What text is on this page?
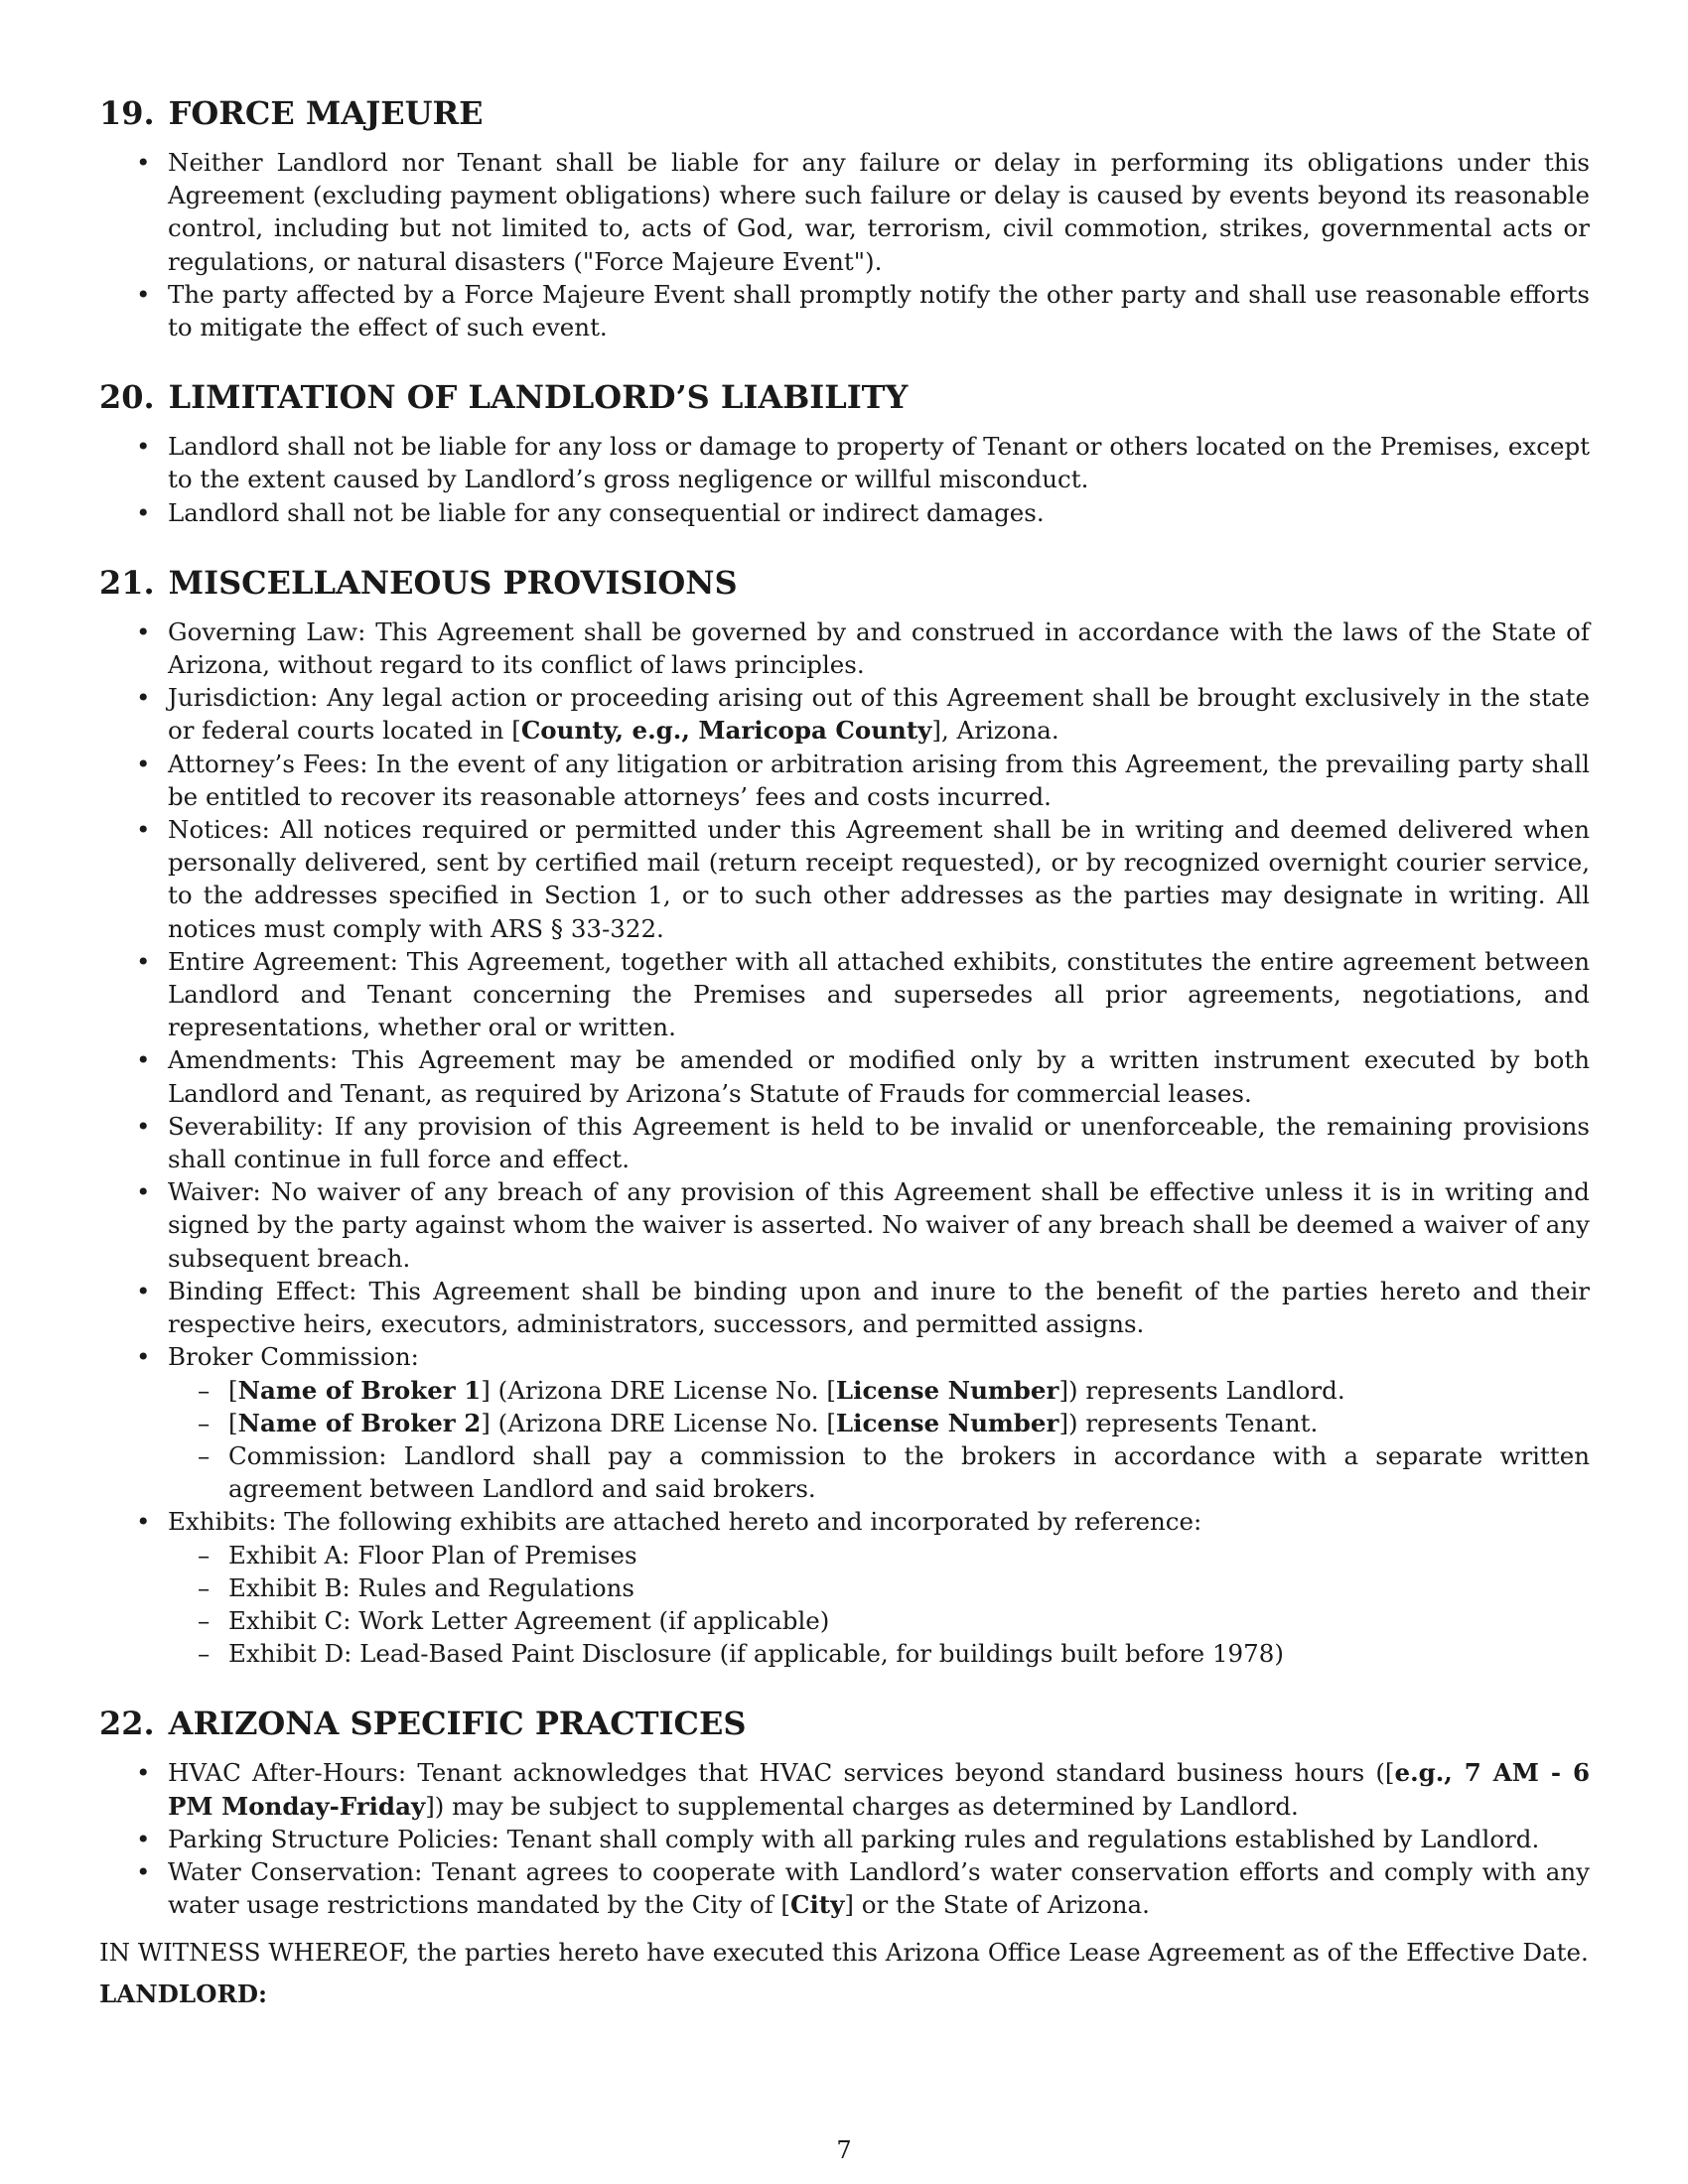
19. FORCE MAJEURE
• Neither Landlord nor Tenant shall be liable for any failure or delay in performing its obligations under this Agreement (excluding payment obligations) where such failure or delay is caused by events beyond its reasonable control, including but not limited to, acts of God, war, terrorism, civil commotion, strikes, governmental acts or regulations, or natural disasters ("Force Majeure Event").
• The party affected by a Force Majeure Event shall promptly notify the other party and shall use reasonable efforts to mitigate the effect of such event.
20. LIMITATION OF LANDLORD’S LIABILITY
• Landlord shall not be liable for any loss or damage to property of Tenant or others located on the Premises, except to the extent caused by Landlord’s gross negligence or willful misconduct.
• Landlord shall not be liable for any consequential or indirect damages.
21. MISCELLANEOUS PROVISIONS
• Governing Law: This Agreement shall be governed by and construed in accordance with the laws of the State of Arizona, without regard to its conflict of laws principles.
• Jurisdiction: Any legal action or proceeding arising out of this Agreement shall be brought exclusively in the state or federal courts located in [County, e.g., Maricopa County], Arizona.
• Attorney’s Fees: In the event of any litigation or arbitration arising from this Agreement, the prevailing party shall be entitled to recover its reasonable attorneys’ fees and costs incurred.
• Notices: All notices required or permitted under this Agreement shall be in writing and deemed delivered when personally delivered, sent by certified mail (return receipt requested), or by recognized overnight courier service, to the addresses specified in Section 1, or to such other addresses as the parties may designate in writing. All notices must comply with ARS § 33-322.
• Entire Agreement: This Agreement, together with all attached exhibits, constitutes the entire agreement between Landlord and Tenant concerning the Premises and supersedes all prior agreements, negotiations, and representations, whether oral or written.
• Amendments: This Agreement may be amended or modified only by a written instrument executed by both Landlord and Tenant, as required by Arizona’s Statute of Frauds for commercial leases.
• Severability: If any provision of this Agreement is held to be invalid or unenforceable, the remaining provisions shall continue in full force and effect.
• Waiver: No waiver of any breach of any provision of this Agreement shall be effective unless it is in writing and signed by the party against whom the waiver is asserted. No waiver of any breach shall be deemed a waiver of any subsequent breach.
• Binding Effect: This Agreement shall be binding upon and inure to the benefit of the parties hereto and their respective heirs, executors, administrators, successors, and permitted assigns.
• Broker Commission:
– [Name of Broker 1] (Arizona DRE License No. [License Number]) represents Landlord.
– [Name of Broker 2] (Arizona DRE License No. [License Number]) represents Tenant.
– Commission: Landlord shall pay a commission to the brokers in accordance with a separate written agreement between Landlord and said brokers.
• Exhibits: The following exhibits are attached hereto and incorporated by reference:
– Exhibit A: Floor Plan of Premises
– Exhibit B: Rules and Regulations
– Exhibit C: Work Letter Agreement (if applicable)
– Exhibit D: Lead-Based Paint Disclosure (if applicable, for buildings built before 1978)
22. ARIZONA SPECIFIC PRACTICES
• HVAC After-Hours: Tenant acknowledges that HVAC services beyond standard business hours ([e.g., 7 AM - 6 PM Monday-Friday]) may be subject to supplemental charges as determined by Landlord.
• Parking Structure Policies: Tenant shall comply with all parking rules and regulations established by Landlord.
• Water Conservation: Tenant agrees to cooperate with Landlord’s water conservation efforts and comply with any water usage restrictions mandated by the City of [City] or the State of Arizona.

IN WITNESS WHEREOF, the parties hereto have executed this Arizona Office Lease Agreement as of the Effective Date.

LANDLORD:

7
